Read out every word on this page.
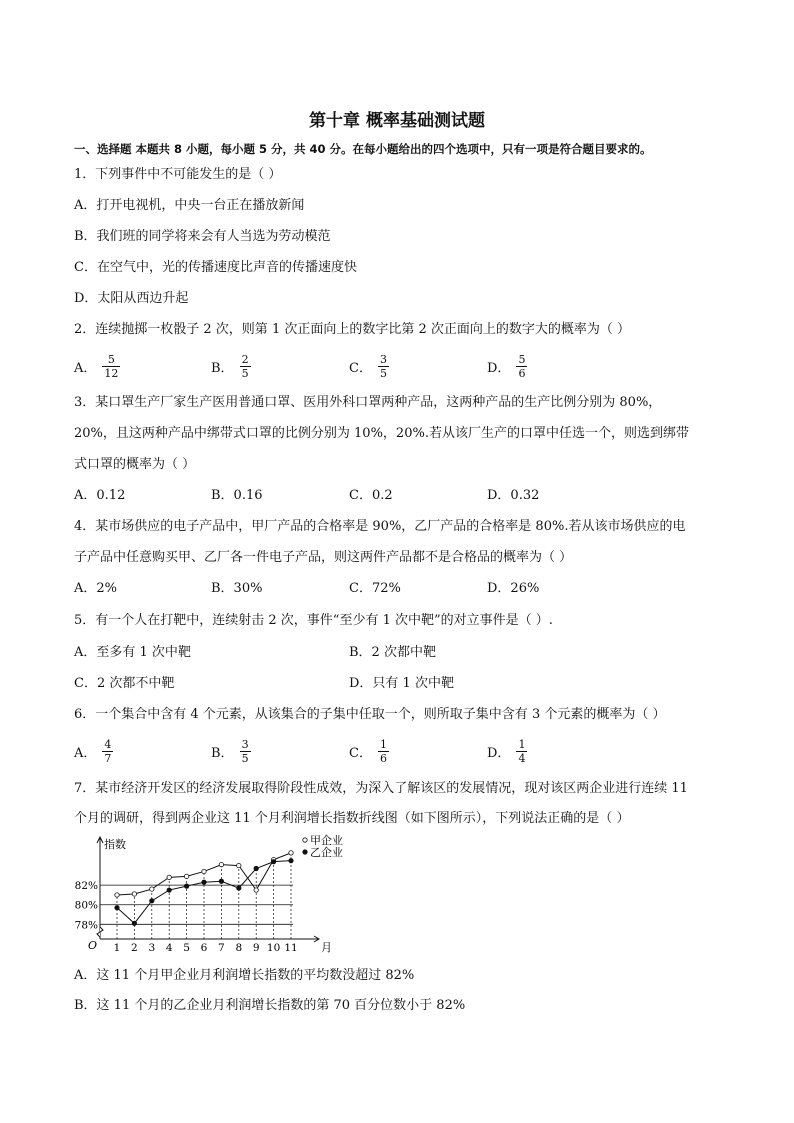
第十章 概率基础测试题
一、选择题 本题共 8 小题，每小题 5 分，共 40 分。在每小题给出的四个选项中，只有一项是符合题目要求的。
1．下列事件中不可能发生的是（ ）
A．打开电视机，中央一台正在播放新闻
B．我们班的同学将来会有人当选为劳动模范
C．在空气中，光的传播速度比声音的传播速度快
D．太阳从西边升起
2．连续抛掷一枚骰子 2 次，则第 1 次正面向上的数字比第 2 次正面向上的数字大的概率为（ ）
A． $\frac{5}{12}$	B． $\frac{2}{5}$	C． $\frac{3}{5}$	D． $\frac{5}{6}$
3．某口罩生产厂家生产医用普通口罩、医用外科口罩两种产品，这两种产品的生产比例分别为 80%，
20%，且这两种产品中绑带式口罩的比例分别为 10%，20%.若从该厂生产的口罩中任选一个，则选到绑带
式口罩的概率为（ ）
A．0.12	B．0.16	C．0.2	D．0.32
4．某市场供应的电子产品中，甲厂产品的合格率是 90%，乙厂产品的合格率是 80%.若从该市场供应的电
子产品中任意购买甲、乙厂各一件电子产品，则这两件产品都不是合格品的概率为（ ）
A．2%	B．30%	C．72%	D．26%
5．有一个人在打靶中，连续射击 2 次，事件“至少有 1 次中靶”的对立事件是（ ）.
A．至多有 1 次中靶	B．2 次都中靶
C．2 次都不中靶	D．只有 1 次中靶
6．一个集合中含有 4 个元素，从该集合的子集中任取一个，则所取子集中含有 3 个元素的概率为（ ）
A． $\frac{4}{7}$	B． $\frac{3}{5}$	C． $\frac{1}{6}$	D． $\frac{1}{4}$
7．某市经济开发区的经济发展取得阶段性成效，为深入了解该区的发展情况，现对该区两企业进行连续 11
个月的调研，得到两企业这 11 个月利润增长指数折线图（如下图所示），下列说法正确的是（ ）
指数
月
O
78%
80%
82%
1 2 3 4 5 6 7 8 9 10 11
甲企业
乙企业
A．这 11 个月甲企业月利润增长指数的平均数没超过 82%
B．这 11 个月的乙企业月利润增长指数的第 70 百分位数小于 82%
